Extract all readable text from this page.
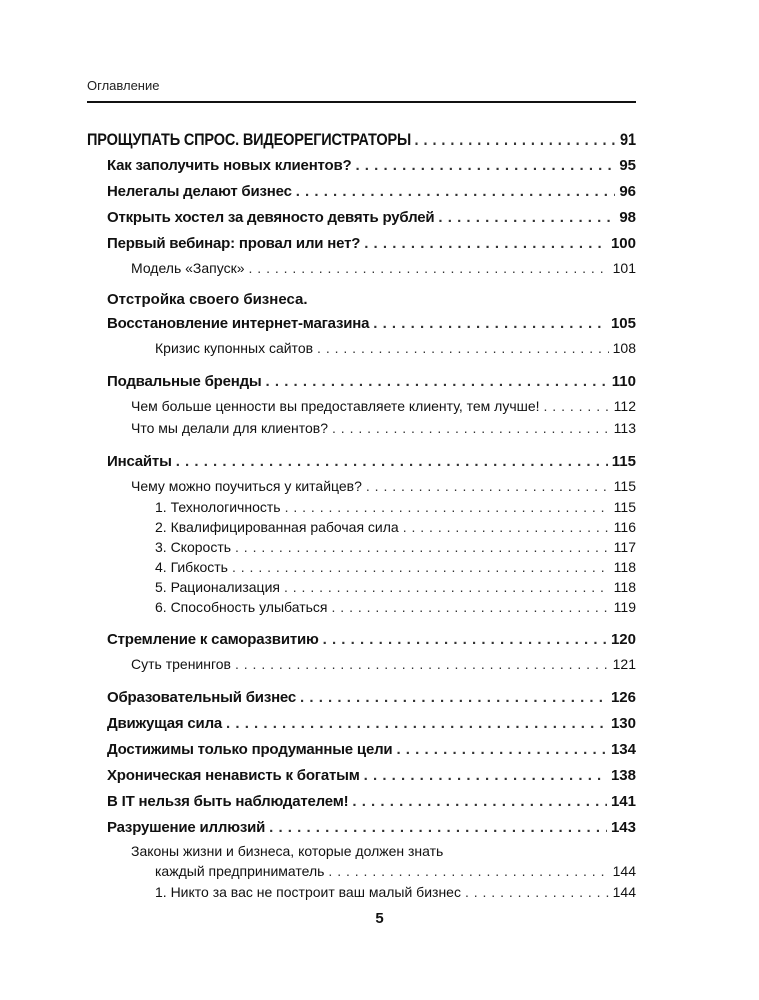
Оглавление
ПРОЩУПАТЬ СПРОС. ВИДЕОРЕГИСТРАТОРЫ . . .	91
Как заполучить новых клиентов? . . .	95
Нелегалы делают бизнес . . .	96
Открыть хостел за девяносто девять рублей . . .	98
Первый вебинар: провал или нет? . . .	100
Модель «Запуск» . . .	101
Отстройка своего бизнеса.
Восстановление интернет-магазина . . .	105
Кризис купонных сайтов . . .	108
Подвальные бренды . . .	110
Чем больше ценности вы предоставляете клиенту, тем лучше! . . .	112
Что мы делали для клиентов? . . .	113
Инсайты . . .	115
Чему можно поучиться у китайцев? . . .	115
1. Технологичность . . .	115
2. Квалифицированная рабочая сила . . .	116
3. Скорость . . .	117
4. Гибкость . . .	118
5. Рационализация . . .	118
6. Способность улыбаться . . .	119
Стремление к саморазвитию . . .	120
Суть тренингов . . .	121
Образовательный бизнес . . .	126
Движущая сила . . .	130
Достижимы только продуманные цели . . .	134
Хроническая ненависть к богатым . . .	138
В IT нельзя быть наблюдателем! . . .	141
Разрушение иллюзий . . .	143
Законы жизни и бизнеса, которые должен знать
каждый предприниматель . . .	144
1. Никто за вас не построит ваш малый бизнес . . .	144
5
